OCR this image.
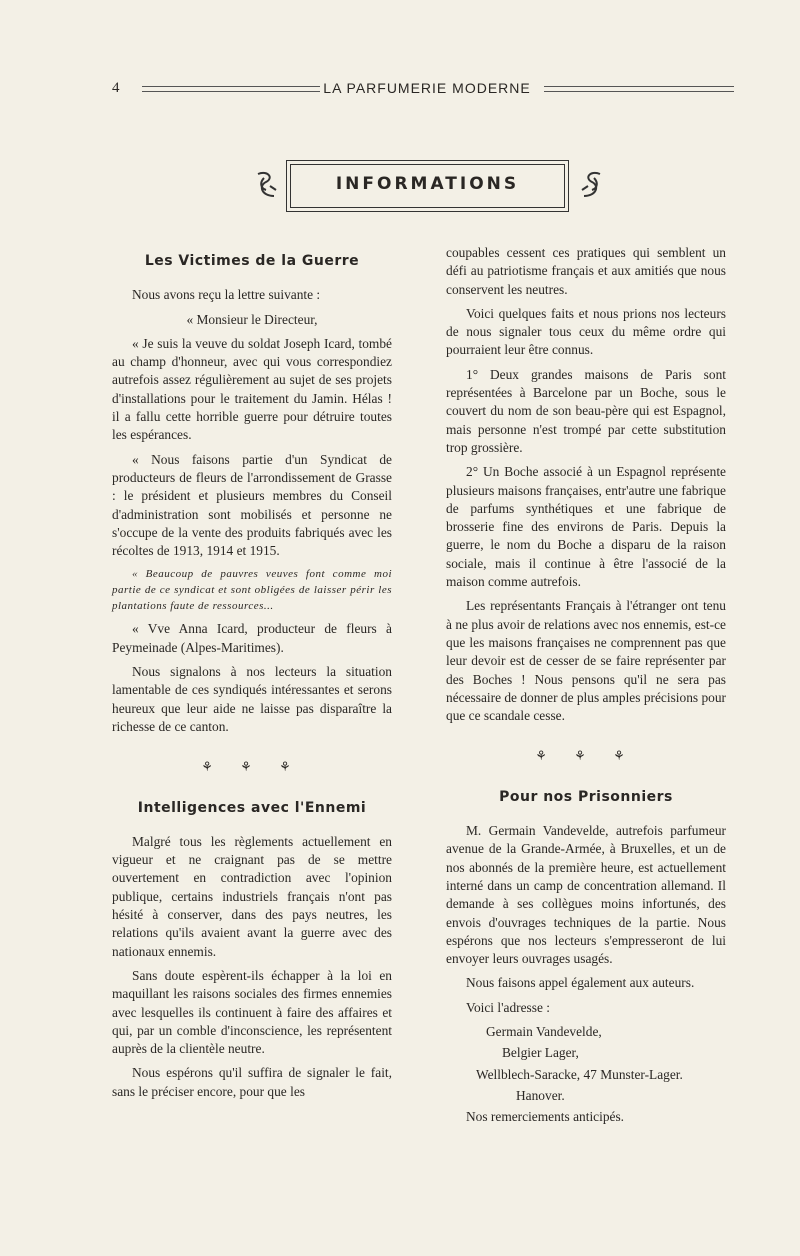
4	LA PARFUMERIE MODERNE
INFORMATIONS
Les Victimes de la Guerre

Nous avons reçu la lettre suivante :

« Monsieur le Directeur,

« Je suis la veuve du soldat Joseph Icard, tombé au champ d'honneur, avec qui vous correspondiez autrefois assez régulièrement au sujet de ses projets d'installations pour le traitement du Jamin. Hélas ! il a fallu cette horrible guerre pour détruire toutes les espérances.

« Nous faisons partie d'un Syndicat de producteurs de fleurs de l'arrondissement de Grasse : le président et plusieurs membres du Conseil d'administration sont mobilisés et personne ne s'occupe de la vente des produits fabriqués avec les récoltes de 1913, 1914 et 1915.

« Beaucoup de pauvres veuves font comme moi partie de ce syndicat et sont obligées de laisser périr les plantations faute de ressources...

« Vve Anna Icard, producteur de fleurs à Peymeinade (Alpes-Maritimes).

Nous signalons à nos lecteurs la situation lamentable de ces syndiqués intéressantes et serons heureux que leur aide ne laisse pas disparaître la richesse de ce canton.

⚘ ⚘ ⚘
Intelligences avec l'Ennemi

Malgré tous les règlements actuellement en vigueur et ne craignant pas de se mettre ouvertement en contradiction avec l'opinion publique, certains industriels français n'ont pas hésité à conserver, dans des pays neutres, les relations qu'ils avaient avant la guerre avec des nationaux ennemis.

Sans doute espèrent-ils échapper à la loi en maquillant les raisons sociales des firmes ennemies avec lesquelles ils continuent à faire des affaires et qui, par un comble d'inconscience, les représentent auprès de la clientèle neutre.

Nous espérons qu'il suffira de signaler le fait, sans le préciser encore, pour que les

coupables cessent ces pratiques qui semblent un défi au patriotisme français et aux amitiés que nous conservent les neutres.

Voici quelques faits et nous prions nos lecteurs de nous signaler tous ceux du même ordre qui pourraient leur être connus.

1° Deux grandes maisons de Paris sont représentées à Barcelone par un Boche, sous le couvert du nom de son beau-père qui est Espagnol, mais personne n'est trompé par cette substitution trop grossière.

2° Un Boche associé à un Espagnol représente plusieurs maisons françaises, entr'autre une fabrique de parfums synthétiques et une fabrique de brosserie fine des environs de Paris. Depuis la guerre, le nom du Boche a disparu de la raison sociale, mais il continue à être l'associé de la maison comme autrefois.

Les représentants Français à l'étranger ont tenu à ne plus avoir de relations avec nos ennemis, est-ce que les maisons françaises ne comprennent pas que leur devoir est de cesser de se faire représenter par des Boches ! Nous pensons qu'il ne sera pas nécessaire de donner de plus amples précisions pour que ce scandale cesse.

⚘ ⚘ ⚘
Pour nos Prisonniers

M. Germain Vandevelde, autrefois parfumeur avenue de la Grande-Armée, à Bruxelles, et un de nos abonnés de la première heure, est actuellement interné dans un camp de concentration allemand. Il demande à ses collègues moins infortunés, des envois d'ouvrages techniques de la partie. Nous espérons que nos lecteurs s'empresseront de lui envoyer leurs ouvrages usagés.

Nous faisons appel également aux auteurs.

Voici l'adresse :

Germain Vandevelde,

Belgier Lager,

Wellblech-Saracke, 47 Munster-Lager.

Hanover.

Nos remerciements anticipés.
